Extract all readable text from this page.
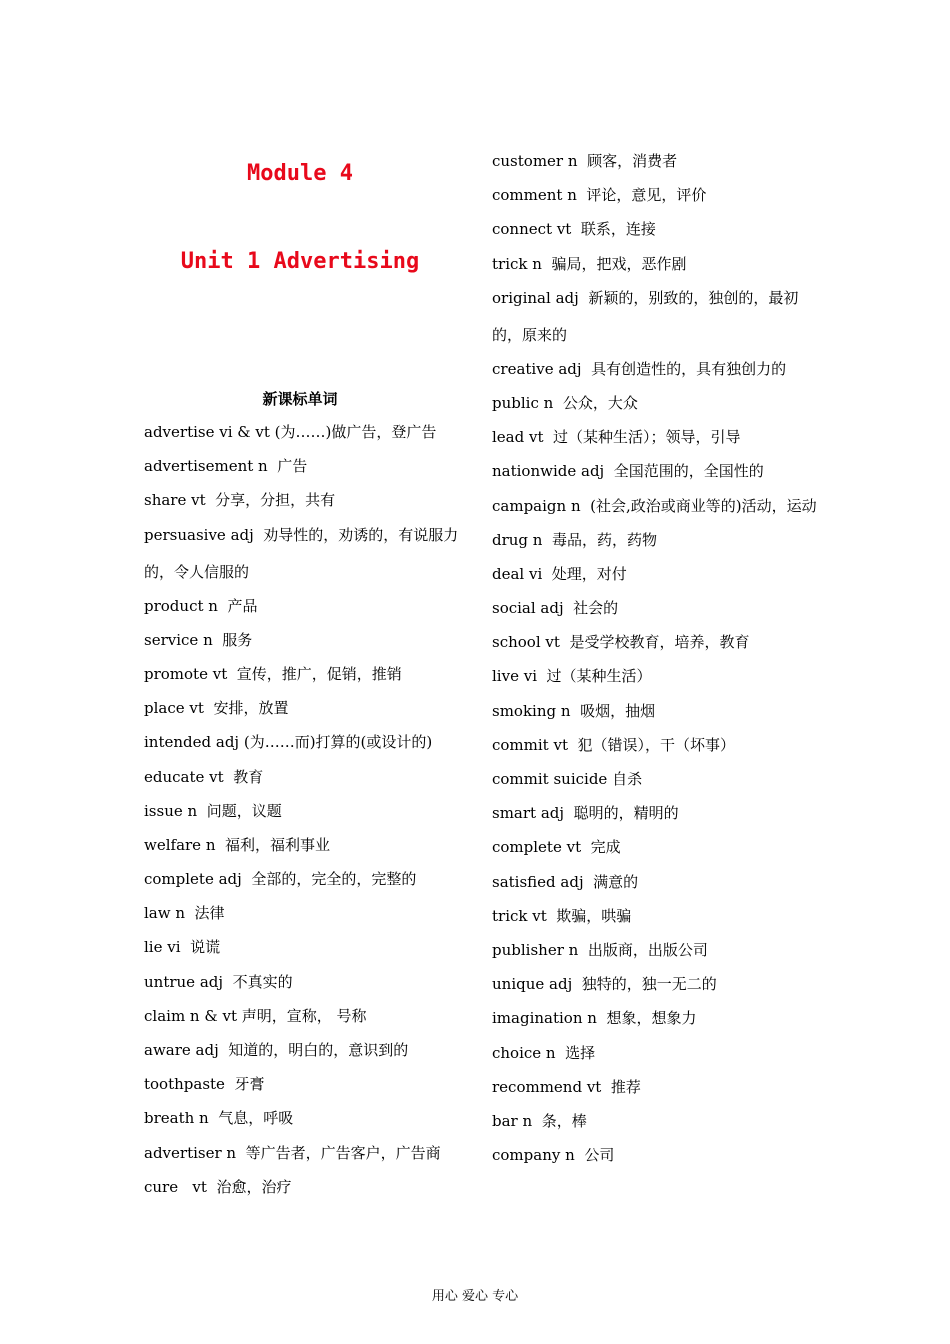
Module 4
Unit 1 Advertising
新课标单词
advertise vi & vt (为……)做广告，登广告
advertisement n  广告
share vt  分享，分担，共有
persuasive adj  劝导性的，劝诱的，有说服力的，令人信服的
product n  产品
service n  服务
promote vt  宣传，推广，促销，推销
place vt  安排，放置
intended adj (为……而)打算的(或设计的)
educate vt  教育
issue n  问题，议题
welfare n  福利，福利事业
complete adj  全部的，完全的，完整的
law n  法律
lie vi  说谎
untrue adj  不真实的
claim n & vt 声明，宣称， 号称
aware adj  知道的，明白的，意识到的
toothpaste  牙膏
breath n  气息，呼吸
advertiser n  等广告者，广告客户，广告商
cure   vt  治愈，治疗
customer n  顾客，消费者
comment n  评论，意见，评价
connect vt  联系，连接
trick n  骗局，把戏，恶作剧
original adj  新颖的，别致的，独创的，最初的，原来的
creative adj  具有创造性的，具有独创力的
public n  公众，大众
lead vt  过（某种生活）；领导，引导
nationwide adj  全国范围的，全国性的
campaign n  (社会,政治或商业等的)活动，运动
drug n  毒品，药，药物
deal vi  处理，对付
social adj  社会的
school vt  是受学校教育，培养，教育
live vi  过（某种生活）
smoking n  吸烟，抽烟
commit vt  犯（错误），干（坏事）
commit suicide 自杀
smart adj  聪明的，精明的
complete vt  完成
satisfied adj  满意的
trick vt  欺骗，哄骗
publisher n  出版商，出版公司
unique adj  独特的，独一无二的
imagination n  想象，想象力
choice n  选择
recommend vt  推荐
bar n  条，棒
company n  公司

用心 爱心 专心
